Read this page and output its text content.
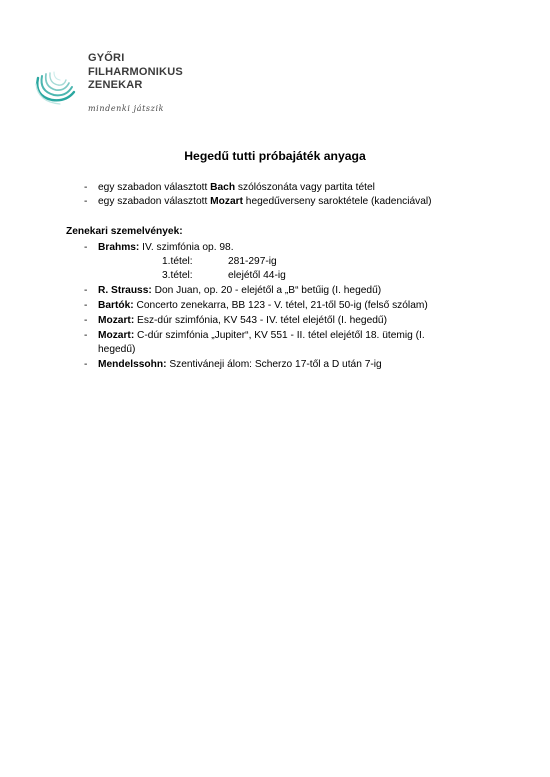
GYŐRI
FILHARMONIKUS
ZENEKAR
mindenki játszik
Hegedű tutti próbajáték anyaga
- egy szabadon választott Bach szólószonáta vagy partita tétel
- egy szabadon választott Mozart hegedűverseny saroktétele (kadenciával)
Zenekari szemelvények:
- Brahms: IV. szimfónia op. 98.
1.tétel:	281-297-ig
3.tétel:	elejétől 44-ig
- R. Strauss: Don Juan, op. 20 - elejétől a „B“ betűig (I. hegedű)
- Bartók: Concerto zenekarra, BB 123 - V. tétel, 21-től 50-ig (felső szólam)
- Mozart: Esz-dúr szimfónia, KV 543 - IV. tétel elejétől (I. hegedű)
- Mozart: C-dúr szimfónia „Jupiter“, KV 551 - II. tétel elejétől 18. ütemig (I.
hegedű)
- Mendelssohn: Szentiváneji álom: Scherzo 17-től a D után 7-ig
